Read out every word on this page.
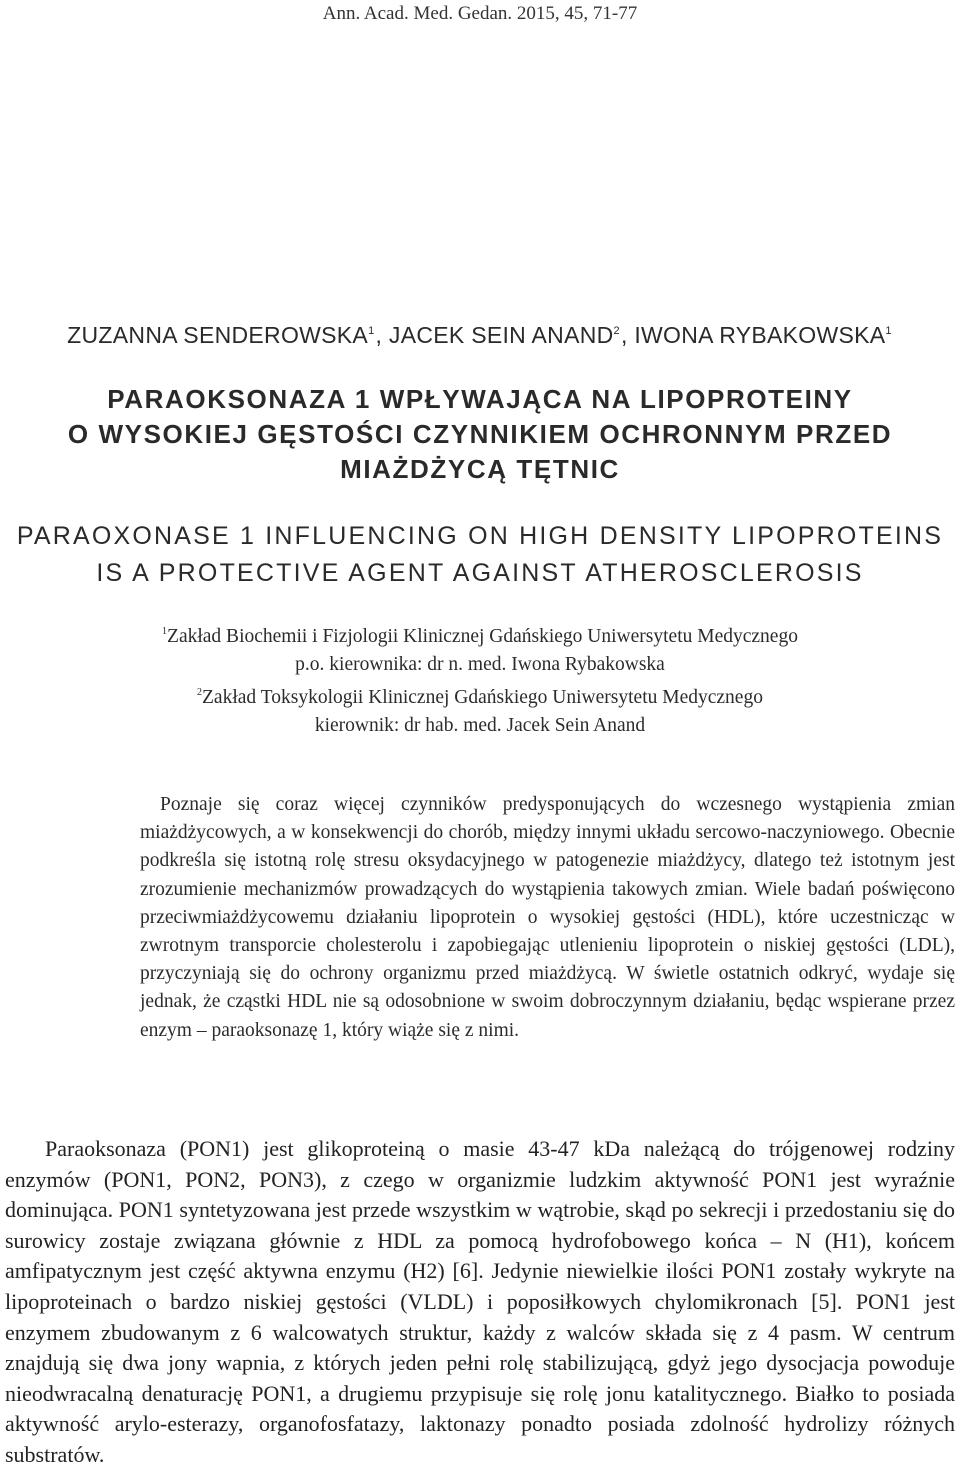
Ann. Acad. Med. Gedan. 2015, 45, 71-77
ZUZANNA SENDEROWSKA$^1$, JACEK SEIN ANAND$^2$, IWONA RYBAKOWSKA$^1$
PARAOKSONAZA 1 WPŁYWAJĄCA NA LIPOPROTEINY
O WYSOKIEJ GĘSTOŚCI CZYNNIKIEM OCHRONNYM PRZED
MIAŻDŻYCĄ TĘTNIC
PARAOXONASE 1 INFLUENCING ON HIGH DENSITY LIPOPROTEINS
IS A PROTECTIVE AGENT AGAINST ATHEROSCLEROSIS
$^1$Zakład Biochemii i Fizjologii Klinicznej Gdańskiego Uniwersytetu Medycznego
p.o. kierownika: dr n. med. Iwona Rybakowska
$^2$Zakład Toksykologii Klinicznej Gdańskiego Uniwersytetu Medycznego
kierownik: dr hab. med. Jacek Sein Anand
Poznaje się coraz więcej czynników predysponujących do wczesnego wystąpienia zmian miażdżycowych, a w konsekwencji do chorób, między innymi układu sercowo-naczyniowego. Obecnie podkreśla się istotną rolę stresu oksydacyjnego w patogenezie miażdżycy, dlatego też istotnym jest zrozumienie mechanizmów prowadzących do wystąpienia takowych zmian. Wiele badań poświęcono przeciwmiażdżycowemu działaniu lipoprotein o wysokiej gęstości (HDL), które uczestnicząc w zwrotnym transporcie cholesterolu i zapobiegając utlenieniu lipoprotein o niskiej gęstości (LDL), przyczyniają się do ochrony organizmu przed miażdżycą. W świetle ostatnich odkryć, wydaje się jednak, że cząstki HDL nie są odosobnione w swoim dobroczynnym działaniu, będąc wspierane przez enzym – paraoksonazę 1, który wiąże się z nimi.
Paraoksonaza (PON1) jest glikoproteiną o masie 43-47 kDa należącą do trójgenowej rodziny enzymów (PON1, PON2, PON3), z czego w organizmie ludzkim aktywność PON1 jest wyraźnie dominująca. PON1 syntetyzowana jest przede wszystkim w wątrobie, skąd po sekrecji i przedostaniu się do surowicy zostaje związana głównie z HDL za pomocą hydrofobowego końca – N (H1), końcem amfipatycznym jest część aktywna enzymu (H2) [6]. Jedynie niewielkie ilości PON1 zostały wykryte na lipoproteinach o bardzo niskiej gęstości (VLDL) i poposiłkowych chylomikronach [5]. PON1 jest enzymem zbudowanym z 6 walcowatych struktur, każdy z walców składa się z 4 pasm. W centrum znajdują się dwa jony wapnia, z których jeden pełni rolę stabilizującą, gdyż jego dysocjacja powoduje nieodwracalną denaturację PON1, a drugiemu przypisuje się rolę jonu katalitycznego. Białko to posiada aktywność arylo-esterazy, organofosfatazy, laktonazy ponadto posiada zdolność hydrolizy różnych substratów.
